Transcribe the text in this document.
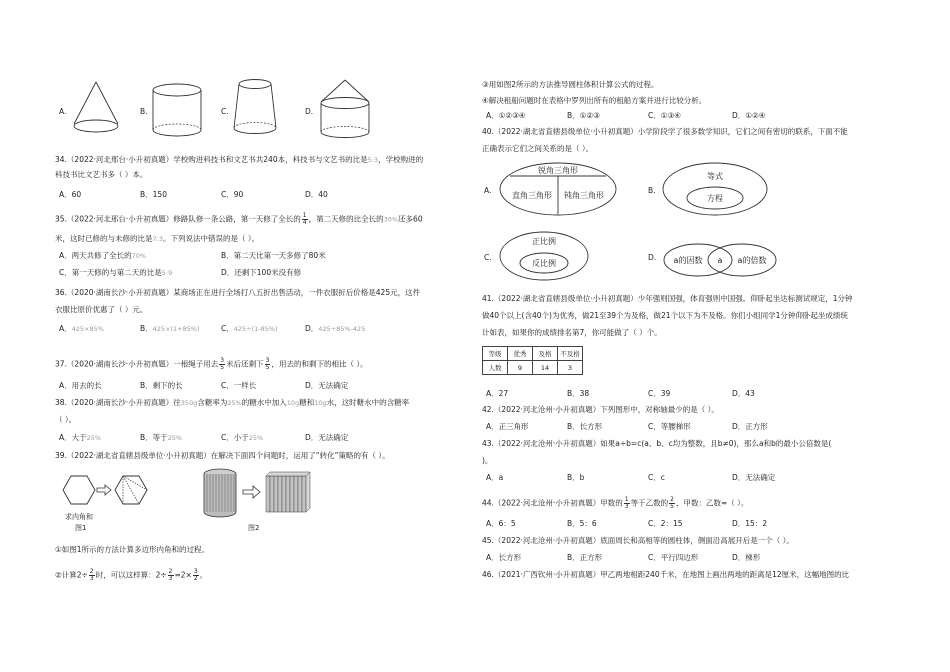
A.	B.	C.	D.
34.（2022·河北邢台·小升初真题）学校购进科技书和文艺书共240本，科技书与文艺书的比是5:3，学校购进的
科技书比文艺书多（ ）本。
A．60	B．150	C．90	D．40
35.（2022·河北邢台·小升初真题）修路队修一条公路，第一天修了全长的 $\frac{1}{4}$ ，第二天修的比全长的30%还多60
米，这时已修的与未修的比是7:3。下列说法中错误的是（ ）。
A．两天共修了全长的70%	B．第二天比第一天多修了80米
C．第一天修的与第二天的比是5:9	D．还剩下100米没有修
36.（2020·湖南长沙·小升初真题）某商场正在进行全场打八五折出售活动，一件衣服折后价格是425元，这件
衣服比原价优惠了（ ）元。
A．425×85%	B．425×(1+85%)	C．425÷(1-85%)	D．425÷85%-425
37.（2020·湖南长沙·小升初真题）一根绳子用去 $\frac{3}{5}$ 米后还剩下 $\frac{3}{5}$ ，用去的和剩下的相比（ ）。
A．用去的长	B．剩下的长	C．一样长	D．无法确定
38.（2020·湖南长沙·小升初真题）往350g含糖率为25%的糖水中加入10g糖和10g水，这时糖水中的含糖率
（ ）。
A．大于25%	B．等于25%	C．小于25%	D．无法确定
39.（2022·湖北省直辖县级单位·小升初真题）在解决下面四个问题时，运用了“转化”策略的有（ ）。
求内角和
图1	图2
①如图1所示的方法计算多边形内角和的过程。
②计算$2\div \frac{2}{3}$ 时，可以这样算：$2\div \frac{2}{3} =2\times \frac{3}{2}$ 。
③用如图2所示的方法推导圆柱体积计算公式的过程。
④解决租船问题时在表格中罗列出所有的租船方案并进行比较分析。
A．①②③④	B．①②③	C．①③④	D．①②④
40.（2022·湖北省直辖县级单位·小升初真题）小学阶段学了很多数学知识，它们之间有密切的联系，下面不能
正确表示它们之间关系的是（ ）。
A.
锐角三角形
直角三角形 钝角三角形
B.
等式
方程
C.
正比例
反比例
D. a的因数 a a的倍数
41.（2022·湖北省直辖县级单位·小升初真题）少年强则国强，体育强则中国强。仰卧起坐达标测试规定，1分钟
做40个以上(含40个)为优秀，做21至39个为及格，做21个以下为不及格。你们小组同学1分钟仰卧起坐成绩统
计如表，如果你的成绩排名第7，你可能做了（ ）个。
等级	优秀	及格	不及格
人数	9	14	3
A．27	B．38	C．39	D．43
42.（2022·河北沧州·小升初真题）下列图形中，对称轴最少的是（ ）。
A．正三角形	B．长方形	C．等腰梯形	D．正方形
43.（2022·河北沧州·小升初真题）如果a÷b=c(a、b、c均为整数，且b≠0)，那么a和b的最小公倍数是(
)。
A．a	B．b	C．c	D．无法确定
44.（2022·河北沧州·小升初真题）甲数的 $\frac{1}{3}$ 等于乙数的 $\frac{2}{5}$ ，甲数：乙数=（ ）。
A．6：5	B．5：6	C．2：15	D．15：2
45.（2022·河北沧州·小升初真题）底面周长和高相等的圆柱体，侧面沿高展开后是一个（ ）。
A．长方形	B．正方形	C．平行四边形	D．梯形
46.（2021·广西钦州·小升初真题）甲乙两地相距240千米，在地图上画出两地的距离是12厘米，这幅地图的比
